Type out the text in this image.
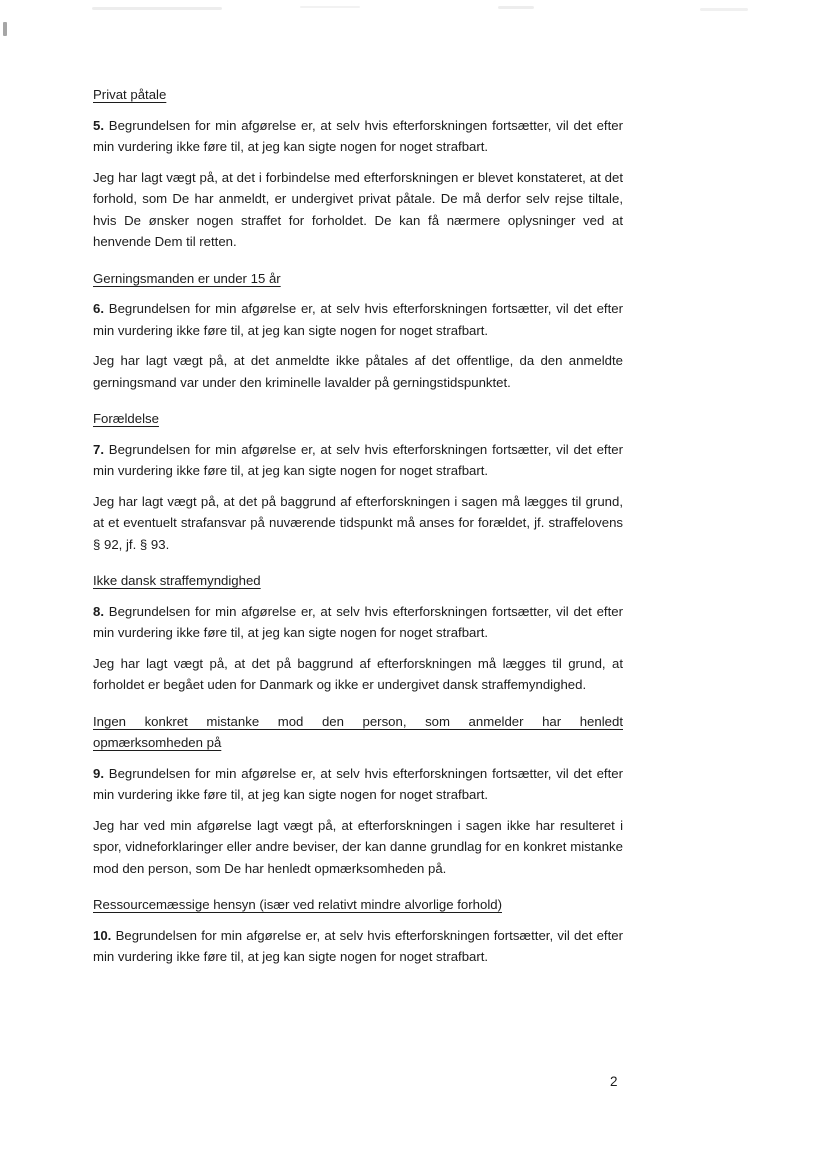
Privat påtale

5. Begrundelsen for min afgørelse er, at selv hvis efterforskningen fortsætter, vil det efter min vurdering ikke føre til, at jeg kan sigte nogen for noget strafbart.

Jeg har lagt vægt på, at det i forbindelse med efterforskningen er blevet konstateret, at det forhold, som De har anmeldt, er undergivet privat påtale. De må derfor selv rejse tiltale, hvis De ønsker nogen straffet for forholdet. De kan få nærmere oplysninger ved at henvende Dem til retten.

Gerningsmanden er under 15 år

6. Begrundelsen for min afgørelse er, at selv hvis efterforskningen fortsætter, vil det efter min vurdering ikke føre til, at jeg kan sigte nogen for noget strafbart.

Jeg har lagt vægt på, at det anmeldte ikke påtales af det offentlige, da den anmeldte gerningsmand var under den kriminelle lavalder på gerningstidspunktet.

Forældelse

7. Begrundelsen for min afgørelse er, at selv hvis efterforskningen fortsætter, vil det efter min vurdering ikke føre til, at jeg kan sigte nogen for noget strafbart.

Jeg har lagt vægt på, at det på baggrund af efterforskningen i sagen må lægges til grund, at et eventuelt strafansvar på nuværende tidspunkt må anses for forældet, jf. straffelovens § 92, jf. § 93.

Ikke dansk straffemyndighed

8. Begrundelsen for min afgørelse er, at selv hvis efterforskningen fortsætter, vil det efter min vurdering ikke føre til, at jeg kan sigte nogen for noget strafbart.

Jeg har lagt vægt på, at det på baggrund af efterforskningen må lægges til grund, at forholdet er begået uden for Danmark og ikke er undergivet dansk straffemyndighed.

Ingen konkret mistanke mod den person, som anmelder har henledt
opmærksomheden på

9. Begrundelsen for min afgørelse er, at selv hvis efterforskningen fortsætter, vil det efter min vurdering ikke føre til, at jeg kan sigte nogen for noget strafbart.

Jeg har ved min afgørelse lagt vægt på, at efterforskningen i sagen ikke har resulteret i spor, vidneforklaringer eller andre beviser, der kan danne grundlag for en konkret mistanke mod den person, som De har henledt opmærksomheden på.

Ressourcemæssige hensyn (især ved relativt mindre alvorlige forhold)

10. Begrundelsen for min afgørelse er, at selv hvis efterforskningen fortsætter, vil det efter min vurdering ikke føre til, at jeg kan sigte nogen for noget strafbart.

2
